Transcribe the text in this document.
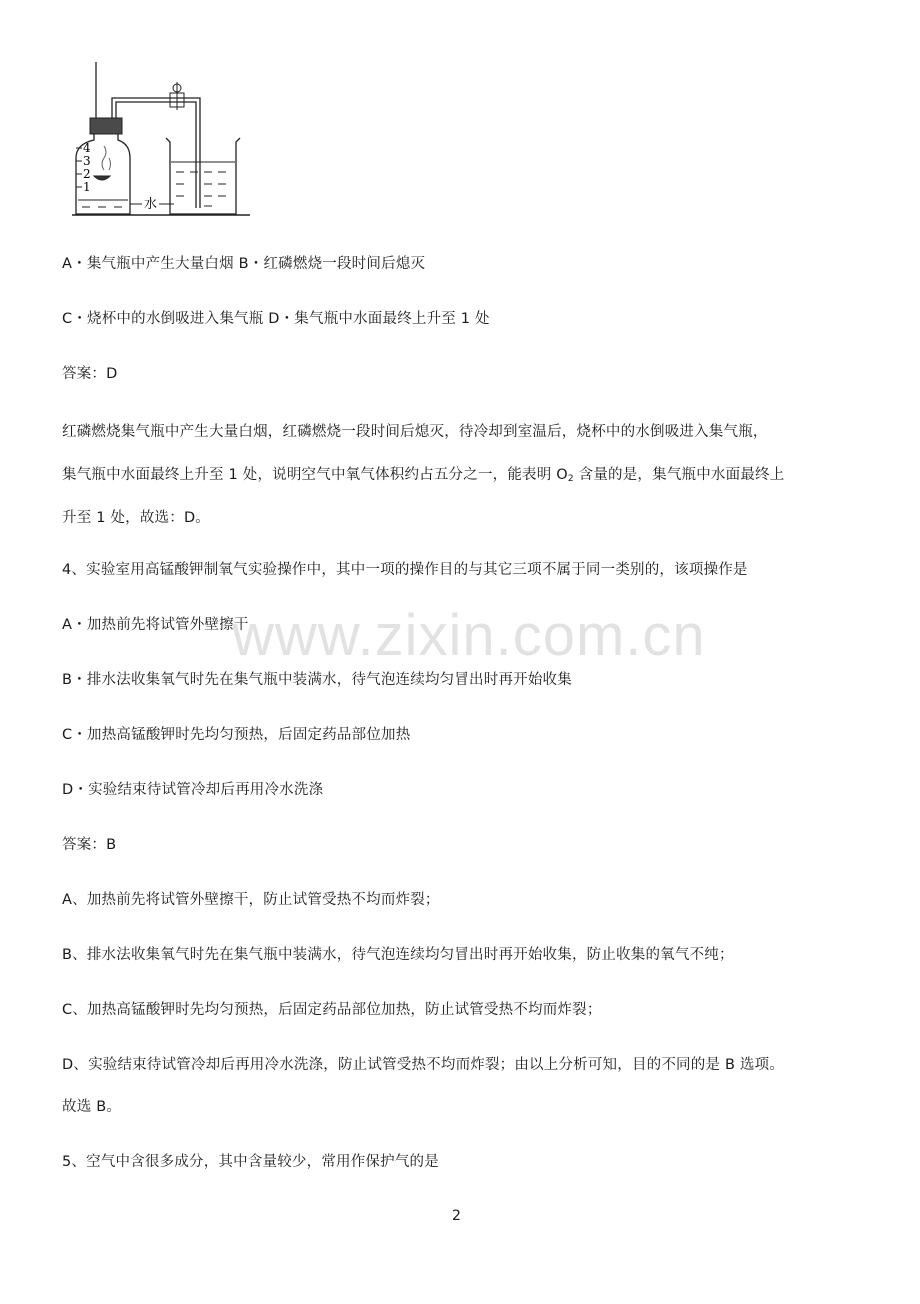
4
3
2
1
水
A・集气瓶中产生大量白烟 B・红磷燃烧一段时间后熄灭
C・烧杯中的水倒吸进入集气瓶 D・集气瓶中水面最终上升至 1 处
答案：D
红磷燃烧集气瓶中产生大量白烟，红磷燃烧一段时间后熄灭，待冷却到室温后，烧杯中的水倒吸进入集气瓶，
集气瓶中水面最终上升至 1 处，说明空气中氧气体积约占五分之一，能表明 $O_2$ 含量的是，集气瓶中水面最终上
升至 1 处，故选：D。
4、实验室用高锰酸钾制氧气实验操作中，其中一项的操作目的与其它三项不属于同一类别的，该项操作是
A・加热前先将试管外壁擦干
B・排水法收集氧气时先在集气瓶中装满水，待气泡连续均匀冒出时再开始收集
C・加热高锰酸钾时先均匀预热，后固定药品部位加热
D・实验结束待试管冷却后再用冷水洗涤
答案：B
A、加热前先将试管外壁擦干，防止试管受热不均而炸裂；
B、排水法收集氧气时先在集气瓶中装满水，待气泡连续均匀冒出时再开始收集，防止收集的氧气不纯；
C、加热高锰酸钾时先均匀预热，后固定药品部位加热，防止试管受热不均而炸裂；
D、实验结束待试管冷却后再用冷水洗涤，防止试管受热不均而炸裂；由以上分析可知，目的不同的是 B 选项。
故选 B。
5、空气中含很多成分，其中含量较少，常用作保护气的是
www.zixin.com.cn
2
